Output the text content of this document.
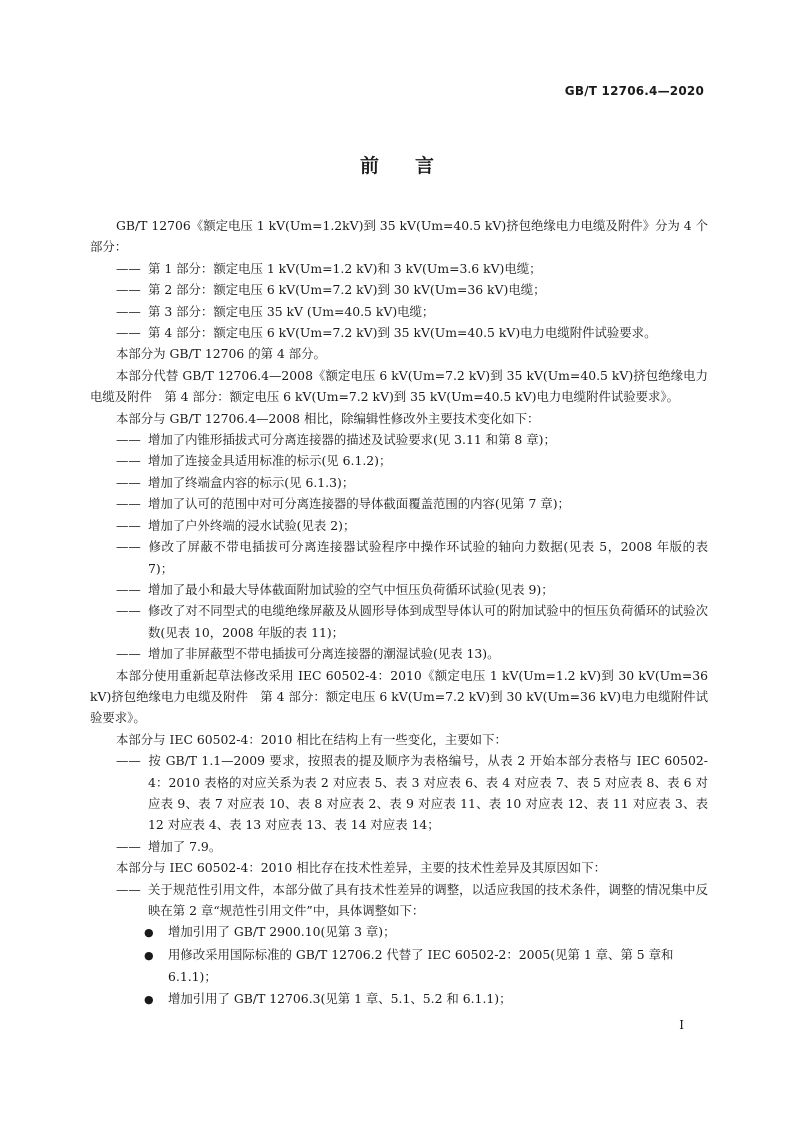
GB/T 12706.4—2020
前言

GB/T 12706《额定电压 1 kV(Um=1.2kV)到 35 kV(Um=40.5 kV)挤包绝缘电力电缆及附件》分为 4 个部分：

—— 第 1 部分：额定电压 1 kV(Um=1.2 kV)和 3 kV(Um=3.6 kV)电缆；

—— 第 2 部分：额定电压 6 kV(Um=7.2 kV)到 30 kV(Um=36 kV)电缆；

—— 第 3 部分：额定电压 35 kV (Um=40.5 kV)电缆；

—— 第 4 部分：额定电压 6 kV(Um=7.2 kV)到 35 kV(Um=40.5 kV)电力电缆附件试验要求。

本部分为 GB/T 12706 的第 4 部分。

本部分代替 GB/T 12706.4—2008《额定电压 6 kV(Um=7.2 kV)到 35 kV(Um=40.5 kV)挤包绝缘电力电缆及附件　第 4 部分：额定电压 6 kV(Um=7.2 kV)到 35 kV(Um=40.5 kV)电力电缆附件试验要求》。

本部分与 GB/T 12706.4—2008 相比，除编辑性修改外主要技术变化如下：

—— 增加了内锥形插拔式可分离连接器的描述及试验要求(见 3.11 和第 8 章)；

—— 增加了连接金具适用标准的标示(见 6.1.2)；

—— 增加了终端盒内容的标示(见 6.1.3)；

—— 增加了认可的范围中对可分离连接器的导体截面覆盖范围的内容(见第 7 章)；

—— 增加了户外终端的浸水试验(见表 2)；

—— 修改了屏蔽不带电插拔可分离连接器试验程序中操作环试验的轴向力数据(见表 5，2008 年版的表 7)；

—— 增加了最小和最大导体截面附加试验的空气中恒压负荷循环试验(见表 9)；

—— 修改了对不同型式的电缆绝缘屏蔽及从圆形导体到成型导体认可的附加试验中的恒压负荷循环的试验次数(见表 10，2008 年版的表 11)；

—— 增加了非屏蔽型不带电插拔可分离连接器的潮湿试验(见表 13)。

本部分使用重新起草法修改采用 IEC 60502-4：2010《额定电压 1 kV(Um=1.2 kV)到 30 kV(Um=36 kV)挤包绝缘电力电缆及附件　第 4 部分：额定电压 6 kV(Um=7.2 kV)到 30 kV(Um=36 kV)电力电缆附件试验要求》。

本部分与 IEC 60502-4：2010 相比在结构上有一些变化，主要如下：

—— 按 GB/T 1.1—2009 要求，按照表的提及顺序为表格编号，从表 2 开始本部分表格与 IEC 60502-4：2010 表格的对应关系为表 2 对应表 5、表 3 对应表 6、表 4 对应表 7、表 5 对应表 8、表 6 对应表 9、表 7 对应表 10、表 8 对应表 2、表 9 对应表 11、表 10 对应表 12、表 11 对应表 3、表 12 对应表 4、表 13 对应表 13、表 14 对应表 14；

—— 增加了 7.9。

本部分与 IEC 60502-4：2010 相比存在技术性差异，主要的技术性差异及其原因如下：

—— 关于规范性引用文件，本部分做了具有技术性差异的调整，以适应我国的技术条件，调整的情况集中反映在第 2 章“规范性引用文件”中，具体调整如下：

● 增加引用了 GB/T 2900.10(见第 3 章)；

● 用修改采用国际标准的 GB/T 12706.2 代替了 IEC 60502-2：2005(见第 1 章、第 5 章和 6.1.1)；

● 增加引用了 GB/T 12706.3(见第 1 章、5.1、5.2 和 6.1.1)；

I
